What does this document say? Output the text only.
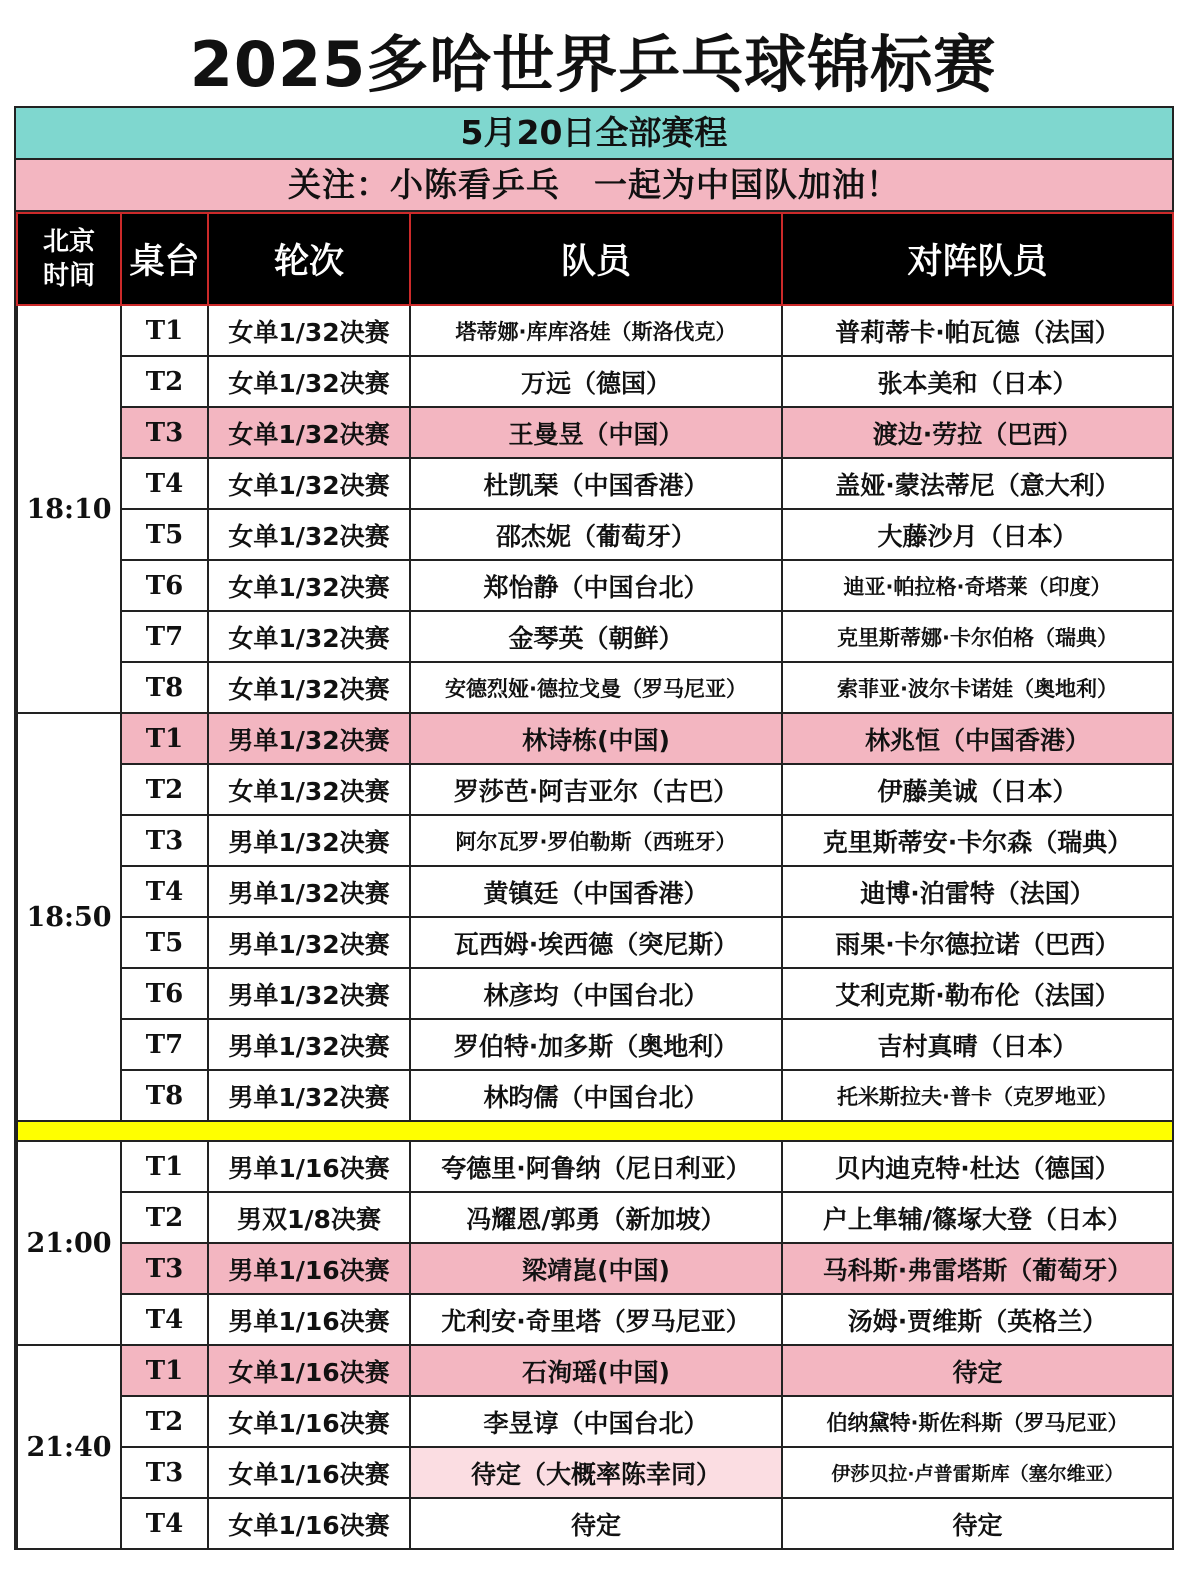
2025多哈世界乒乓球锦标赛
5月20日全部赛程
关注：小陈看乒乓　一起为中国队加油！
北京
时间	桌台	轮次	队员	对阵队员
18:10	T1	女单1/32决赛	塔蒂娜·库库洛娃（斯洛伐克）	普莉蒂卡·帕瓦德（法国）
	T2	女单1/32决赛	万远（德国）	张本美和（日本）
	T3	女单1/32决赛	王曼昱（中国）	渡边·劳拉（巴西）
	T4	女单1/32决赛	杜凯琹（中国香港）	盖娅·蒙法蒂尼（意大利）
	T5	女单1/32决赛	邵杰妮（葡萄牙）	大藤沙月（日本）
	T6	女单1/32决赛	郑怡静（中国台北）	迪亚·帕拉格·奇塔莱（印度）
	T7	女单1/32决赛	金琴英（朝鲜）	克里斯蒂娜·卡尔伯格（瑞典）
	T8	女单1/32决赛	安德烈娅·德拉戈曼（罗马尼亚）	索菲亚·波尔卡诺娃（奥地利）
18:50	T1	男单1/32决赛	林诗栋(中国)	林兆恒（中国香港）
	T2	女单1/32决赛	罗莎芭·阿吉亚尔（古巴）	伊藤美诚（日本）
	T3	男单1/32决赛	阿尔瓦罗·罗伯勒斯（西班牙）	克里斯蒂安·卡尔森（瑞典）
	T4	男单1/32决赛	黄镇廷（中国香港）	迪博·泊雷特（法国）
	T5	男单1/32决赛	瓦西姆·埃西德（突尼斯）	雨果·卡尔德拉诺（巴西）
	T6	男单1/32决赛	林彦均（中国台北）	艾利克斯·勒布伦（法国）
	T7	男单1/32决赛	罗伯特·加多斯（奥地利）	吉村真晴（日本）
	T8	男单1/32决赛	林昀儒（中国台北）	托米斯拉夫·普卡（克罗地亚）

21:00	T1	男单1/16决赛	夸德里·阿鲁纳（尼日利亚）	贝内迪克特·杜达（德国）
	T2	男双1/8决赛	冯耀恩/郭勇（新加坡）	户上隼辅/篠塚大登（日本）
	T3	男单1/16决赛	梁靖崑(中国)	马科斯·弗雷塔斯（葡萄牙）
	T4	男单1/16决赛	尤利安·奇里塔（罗马尼亚）	汤姆·贾维斯（英格兰）
21:40	T1	女单1/16决赛	石洵瑶(中国)	待定
	T2	女单1/16决赛	李昱谆（中国台北）	伯纳黛特·斯佐科斯（罗马尼亚）
	T3	女单1/16决赛	待定（大概率陈幸同）	伊莎贝拉·卢普雷斯库（塞尔维亚）
	T4	女单1/16决赛	待定	待定
